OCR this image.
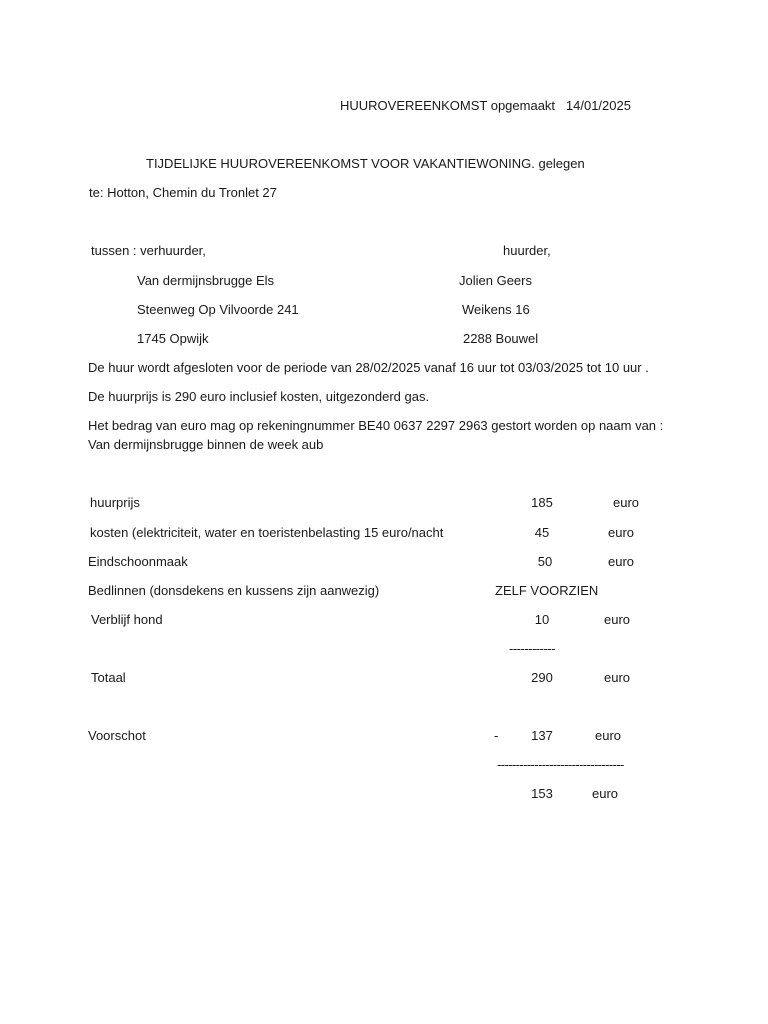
HUUROVEREENKOMST opgemaakt 14/01/2025
TIJDELIJKE HUUROVEREENKOMST VOOR VAKANTIEWONING. gelegen
te: Hotton, Chemin du Tronlet 27
tussen : verhuurder,	huurder,
Van dermijnsbrugge Els	Jolien Geers
Steenweg Op Vilvoorde 241	Weikens 16
1745 Opwijk	2288 Bouwel
De huur wordt afgesloten voor de periode van 28/02/2025 vanaf 16 uur tot 03/03/2025 tot 10 uur .
De huurprijs is 290 euro inclusief kosten, uitgezonderd gas.
Het bedrag van euro mag op rekeningnummer BE40 0637 2297 2963 gestort worden op naam van :
Van dermijnsbrugge binnen de week aub
huurprijs	185	euro
kosten (elektriciteit, water en toeristenbelasting 15 euro/nacht	45	euro
Eindschoonmaak	50	euro
Bedlinnen (donsdekens en kussens zijn aanwezig)	ZELF VOORZIEN
Verblijf hond	10	euro
------------
Totaal	290	euro
Voorschot	-	137	euro
----------------------------------
153	euro
